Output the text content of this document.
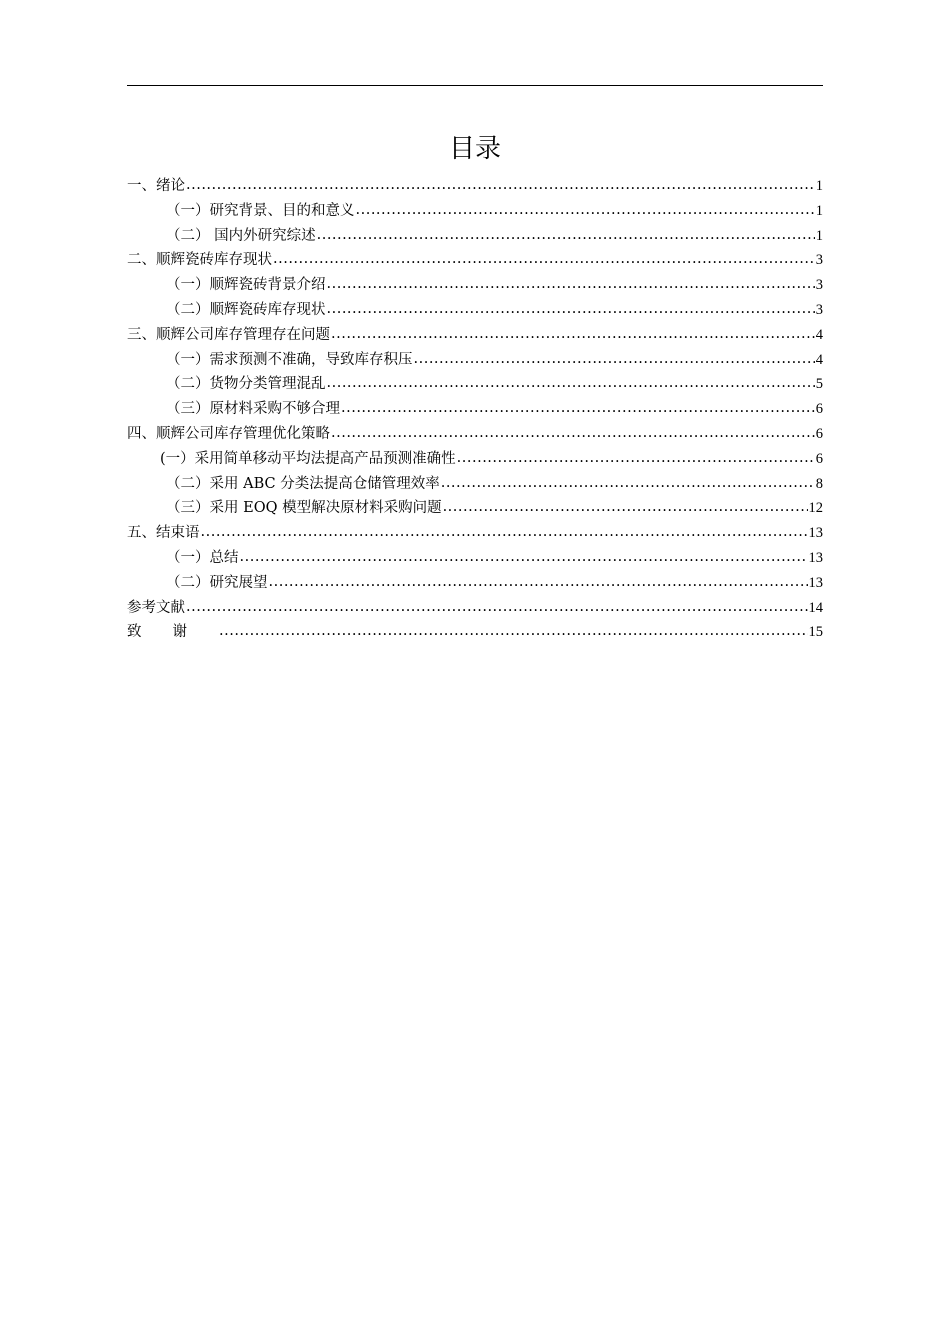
目录
一、绪论 .....	1
（一）研究背景、目的和意义 .....	1
（二） 国内外研究综述 .....	1
二、顺辉瓷砖库存现状 .....	3
（一）顺辉瓷砖背景介绍 .....	3
（二）顺辉瓷砖库存现状 .....	3
三、顺辉公司库存管理存在问题 .....	4
（一）需求预测不准确，导致库存积压 .....	4
（二）货物分类管理混乱 .....	5
（三）原材料采购不够合理 .....	6
四、顺辉公司库存管理优化策略 .....	6
(一）采用简单移动平均法提高产品预测准确性 .....	6
（二）采用 ABC 分类法提高仓储管理效率 .....	8
（三）采用 EOQ 模型解决原材料采购问题 .....	12
五、结束语 .....	13
（一）总结 .....	13
（二）研究展望 .....	13
参考文献 .....	14
致谢 .....	15
